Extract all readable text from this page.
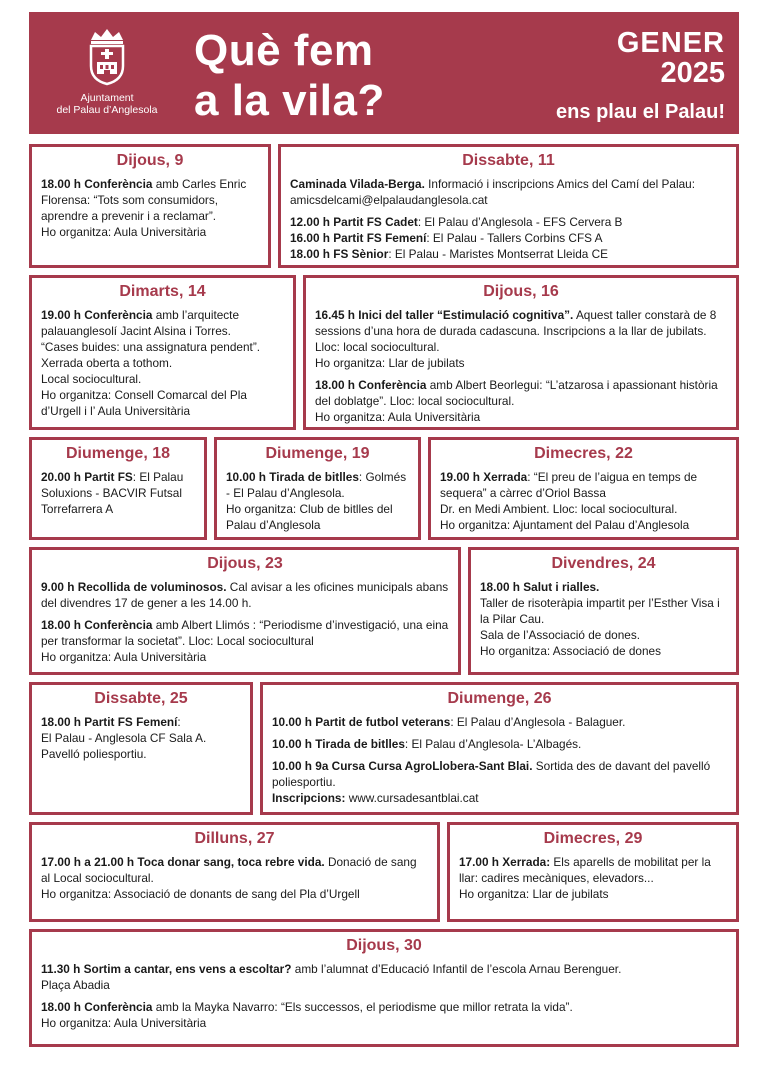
Ajuntament
del Palau d’Anglesola
Què fem
a la vila?
GENER
2025
ens plau el Palau!
Dijous, 9

18.00 h Conferència amb Carles Enric Florensa: “Tots som consumidors, aprendre a prevenir i a reclamar”.

Ho organitza: Aula Universitària

Dissabte, 11

Caminada Vilada-Berga. Informació i inscripcions Amics del Camí del Palau: amicsdelcami@elpalaudanglesola.cat

12.00 h Partit FS Cadet: El Palau d’Anglesola - EFS Cervera B

16.00 h Partit FS Femení: El Palau - Tallers Corbins CFS A

18.00 h FS Sènior: El Palau - Maristes Montserrat Lleida CE

Dimarts, 14

19.00 h Conferència amb l’arquitecte palauanglesolí Jacint Alsina i Torres.

“Cases buides: una assignatura pendent”.

Xerrada oberta a tothom.

Local sociocultural.

Ho organitza: Consell Comarcal del Pla d’Urgell i l’ Aula Universitària

Dijous, 16

16.45 h Inici del taller “Estimulació cognitiva”. Aquest taller constarà de 8 sessions d’una hora de durada cadascuna. Inscripcions a la llar de jubilats. Lloc: local sociocultural.

Ho organitza: Llar de jubilats

18.00 h Conferència amb Albert Beorlegui: “L’atzarosa i apassionant història del doblatge”. Lloc: local sociocultural.

Ho organitza: Aula Universitària

Diumenge, 18

20.00 h Partit FS: El Palau Soluxions - BACVIR Futsal Torrefarrera A

Diumenge, 19

10.00 h Tirada de bitlles: Golmés - El Palau d’Anglesola.

Ho organitza: Club de bitlles del Palau d’Anglesola

Dimecres, 22

19.00 h Xerrada: “El preu de l’aigua en temps de sequera” a càrrec d’Oriol Bassa

Dr. en Medi Ambient. Lloc: local sociocultural.

Ho organitza: Ajuntament del Palau d’Anglesola

Dijous, 23

9.00 h Recollida de voluminosos. Cal avisar a les oficines municipals abans del divendres 17 de gener a les 14.00 h.

18.00 h Conferència amb Albert Llimós : “Periodisme d’investigació, una eina per transformar la societat”. Lloc: Local sociocultural

Ho organitza: Aula Universitària

Divendres, 24

18.00 h Salut i rialles.

Taller de risoteràpia impartit per l’Esther Visa i la Pilar Cau.

Sala de l’Associació de dones.

Ho organitza: Associació de dones

Dissabte, 25

18.00 h Partit FS Femení:

El Palau - Anglesola CF Sala A.

Pavelló poliesportiu.

Diumenge, 26

10.00 h Partit de futbol veterans: El Palau d’Anglesola - Balaguer.

10.00 h Tirada de bitlles: El Palau d’Anglesola- L’Albagés.

10.00 h 9a Cursa Cursa AgroLlobera-Sant Blai. Sortida des de davant del pavelló poliesportiu.

Inscripcions: www.cursadesantblai.cat

Dilluns, 27

17.00 h a 21.00 h Toca donar sang, toca rebre vida. Donació de sang al Local sociocultural.

Ho organitza: Associació de donants de sang del Pla d’Urgell

Dimecres, 29

17.00 h Xerrada: Els aparells de mobilitat per la llar: cadires mecàniques, elevadors...

Ho organitza: Llar de jubilats

Dijous, 30

11.30 h Sortim a cantar, ens vens a escoltar? amb l’alumnat d’Educació Infantil de l’escola Arnau Berenguer.

Plaça Abadia

18.00 h Conferència amb la Mayka Navarro: “Els successos, el periodisme que millor retrata la vida”.

Ho organitza: Aula Universitària
